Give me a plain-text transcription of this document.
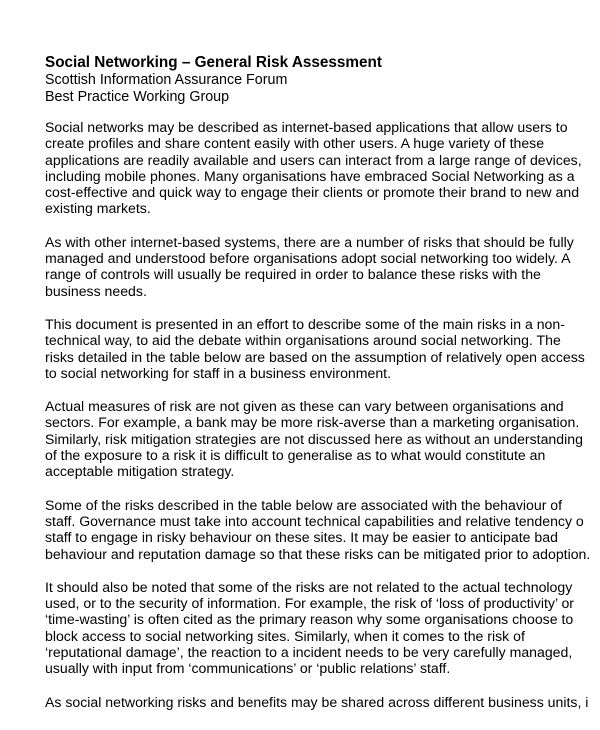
Social Networking – General Risk Assessment

Scottish Information Assurance Forum

Best Practice Working Group

Social networks may be described as internet-based applications that allow users to
create profiles and share content easily with other users. A huge variety of these
applications are readily available and users can interact from a large range of devices,
including mobile phones. Many organisations have embraced Social Networking as a
cost-effective and quick way to engage their clients or promote their brand to new and
existing markets.
As with other internet-based systems, there are a number of risks that should be fully
managed and understood before organisations adopt social networking too widely. A
range of controls will usually be required in order to balance these risks with the
business needs.
This document is presented in an effort to describe some of the main risks in a non-
technical way, to aid the debate within organisations around social networking. The
risks detailed in the table below are based on the assumption of relatively open access
to social networking for staff in a business environment.
Actual measures of risk are not given as these can vary between organisations and
sectors. For example, a bank may be more risk-averse than a marketing organisation.
Similarly, risk mitigation strategies are not discussed here as without an understanding
of the exposure to a risk it is difficult to generalise as to what would constitute an
acceptable mitigation strategy.
Some of the risks described in the table below are associated with the behaviour of
staff. Governance must take into account technical capabilities and relative tendency o
staff to engage in risky behaviour on these sites. It may be easier to anticipate bad
behaviour and reputation damage so that these risks can be mitigated prior to adoption.
It should also be noted that some of the risks are not related to the actual technology
used, or to the security of information. For example, the risk of ‘loss of productivity’ or
‘time-wasting’ is often cited as the primary reason why some organisations choose to
block access to social networking sites. Similarly, when it comes to the risk of
‘reputational damage’, the reaction to a incident needs to be very carefully managed,
usually with input from ‘communications’ or ‘public relations’ staff.
As social networking risks and benefits may be shared across different business units, i
